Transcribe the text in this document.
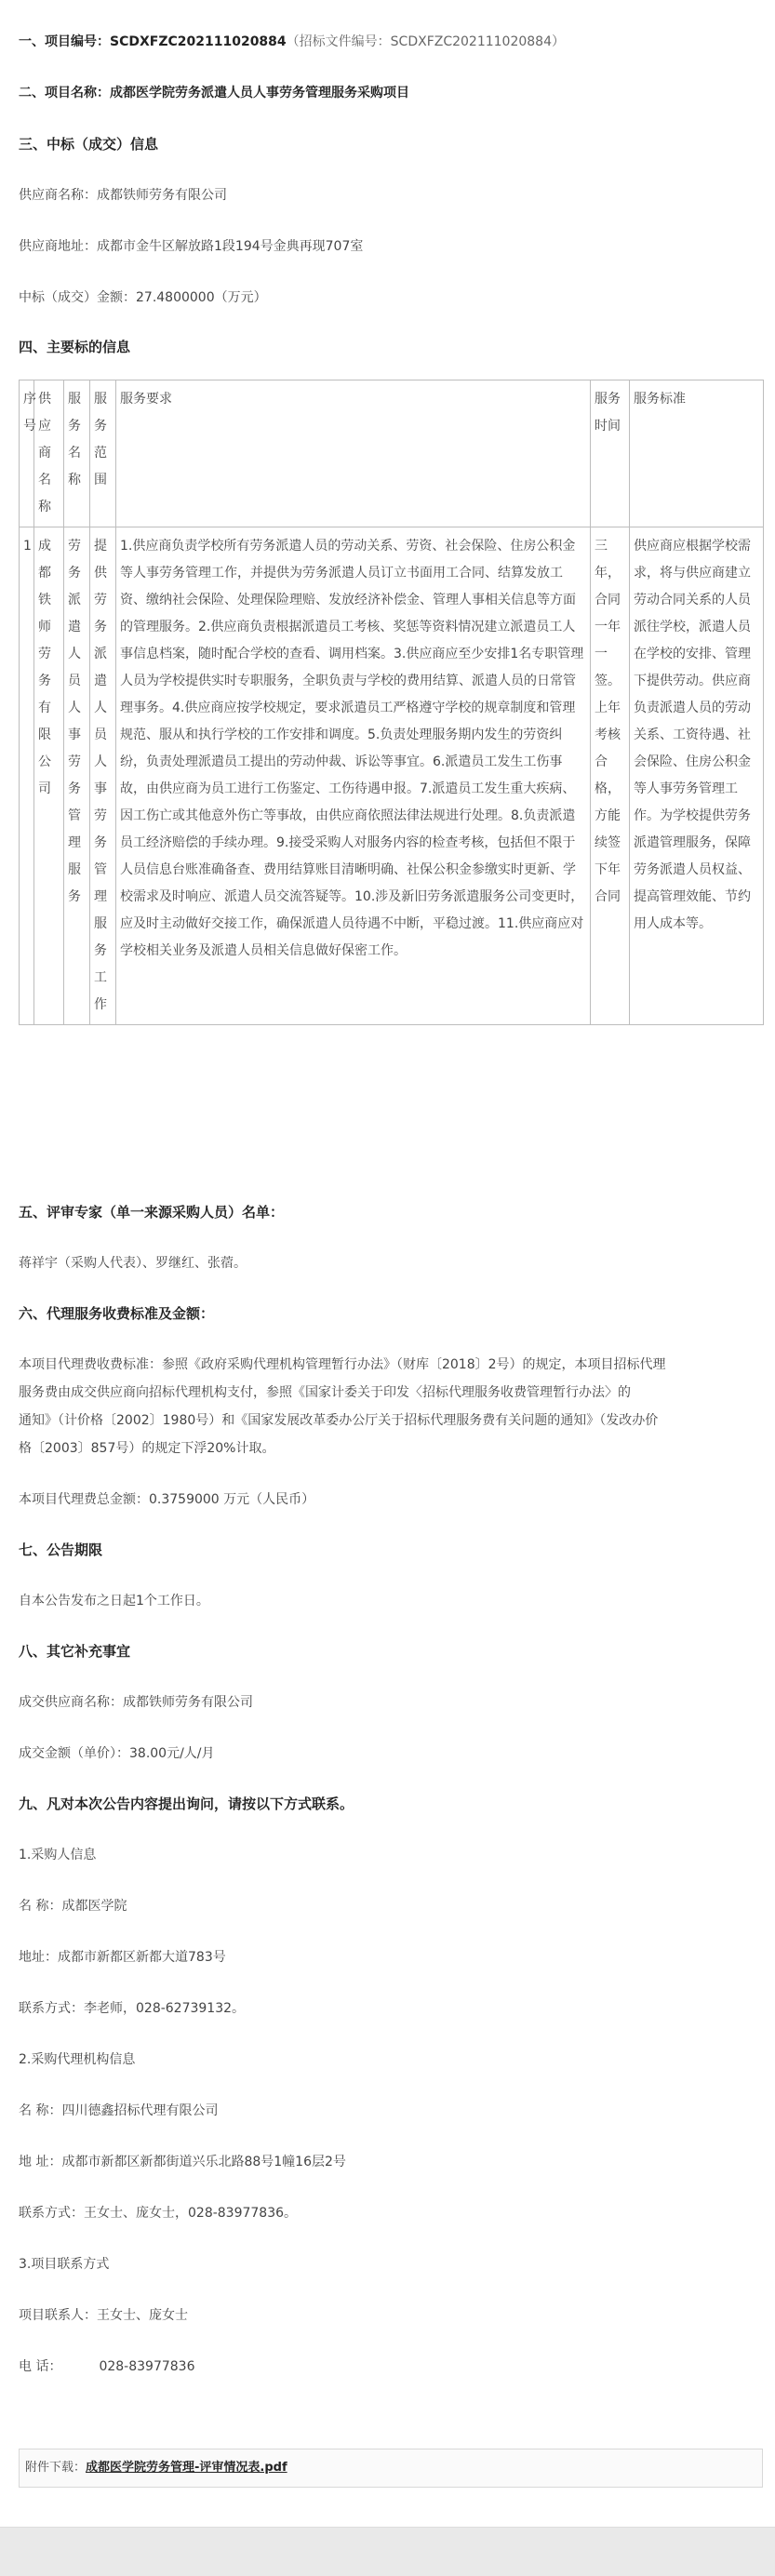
一、项目编号：SCDXFZC202111020884（招标文件编号：SCDXFZC202111020884）
二、项目名称：成都医学院劳务派遣人员人事劳务管理服务采购项目
三、中标（成交）信息
供应商名称：成都铁师劳务有限公司
供应商地址：成都市金牛区解放路1段194号金典再现707室
中标（成交）金额：27.4800000（万元）
四、主要标的信息
序号	供应商名称	服务名称	服务范围	服务要求	服务时间	服务标准
1	成都铁师劳务有限公司	劳务派遣人员人事劳务管理服务	提供劳务派遣人员人事劳务管理服务工作	1.供应商负责学校所有劳务派遣人员的劳动关系、劳资、社会保险、住房公积金等人事劳务管理工作，并提供为劳务派遣人员订立书面用工合同、结算发放工资、缴纳社会保险、处理保险理赔、发放经济补偿金、管理人事相关信息等方面的管理服务。2.供应商负责根据派遣员工考核、奖惩等资料情况建立派遣员工人事信息档案，随时配合学校的查看、调用档案。3.供应商应至少安排1名专职管理人员为学校提供实时专职服务，全职负责与学校的费用结算、派遣人员的日常管理事务。4.供应商应按学校规定，要求派遣员工严格遵守学校的规章制度和管理规范、服从和执行学校的工作安排和调度。5.负责处理服务期内发生的劳资纠纷，负责处理派遣员工提出的劳动仲裁、诉讼等事宜。6.派遣员工发生工伤事故，由供应商为员工进行工伤鉴定、工伤待遇申报。7.派遣员工发生重大疾病、因工伤亡或其他意外伤亡等事故，由供应商依照法律法规进行处理。8.负责派遣员工经济赔偿的手续办理。9.接受采购人对服务内容的检查考核，包括但不限于人员信息台账准确备查、费用结算账目清晰明确、社保公积金参缴实时更新、学校需求及时响应、派遣人员交流答疑等。10.涉及新旧劳务派遣服务公司变更时，应及时主动做好交接工作，确保派遣人员待遇不中断，平稳过渡。11.供应商应对学校相关业务及派遣人员相关信息做好保密工作。	三年，合同一年一签。上年考核合格，方能续签下年合同	供应商应根据学校需求，将与供应商建立劳动合同关系的人员派往学校，派遣人员在学校的安排、管理下提供劳动。供应商负责派遣人员的劳动关系、工资待遇、社会保险、住房公积金等人事劳务管理工作。为学校提供劳务派遣管理服务，保障劳务派遣人员权益、提高管理效能、节约用人成本等。
五、评审专家（单一来源采购人员）名单：
蒋祥宇（采购人代表）、罗继红、张蓿。
六、代理服务收费标准及金额：
本项目代理费收费标准：参照《政府采购代理机构管理暂行办法》（财库〔2018〕2号）的规定，本项目招标代理
服务费由成交供应商向招标代理机构支付，参照《国家计委关于印发〈招标代理服务收费管理暂行办法〉的
通知》（计价格〔2002〕1980号）和《国家发展改革委办公厅关于招标代理服务费有关问题的通知》（发改办价
格〔2003〕857号）的规定下浮20%计取。
本项目代理费总金额：0.3759000 万元（人民币）
七、公告期限
自本公告发布之日起1个工作日。
八、其它补充事宜
成交供应商名称：成都铁师劳务有限公司
成交金额（单价）：38.00元/人/月
九、凡对本次公告内容提出询问，请按以下方式联系。
1.采购人信息
名 称：成都医学院
地址：成都市新都区新都大道783号
联系方式：李老师，028-62739132。
2.采购代理机构信息
名 称：四川德鑫招标代理有限公司
地 址：成都市新都区新都街道兴乐北路88号1幢16层2号
联系方式：王女士、庞女士，028-83977836。
3.项目联系方式
项目联系人：王女士、庞女士
电 话：	028-83977836
附件下载：成都医学院劳务管理-评审情况表.pdf
